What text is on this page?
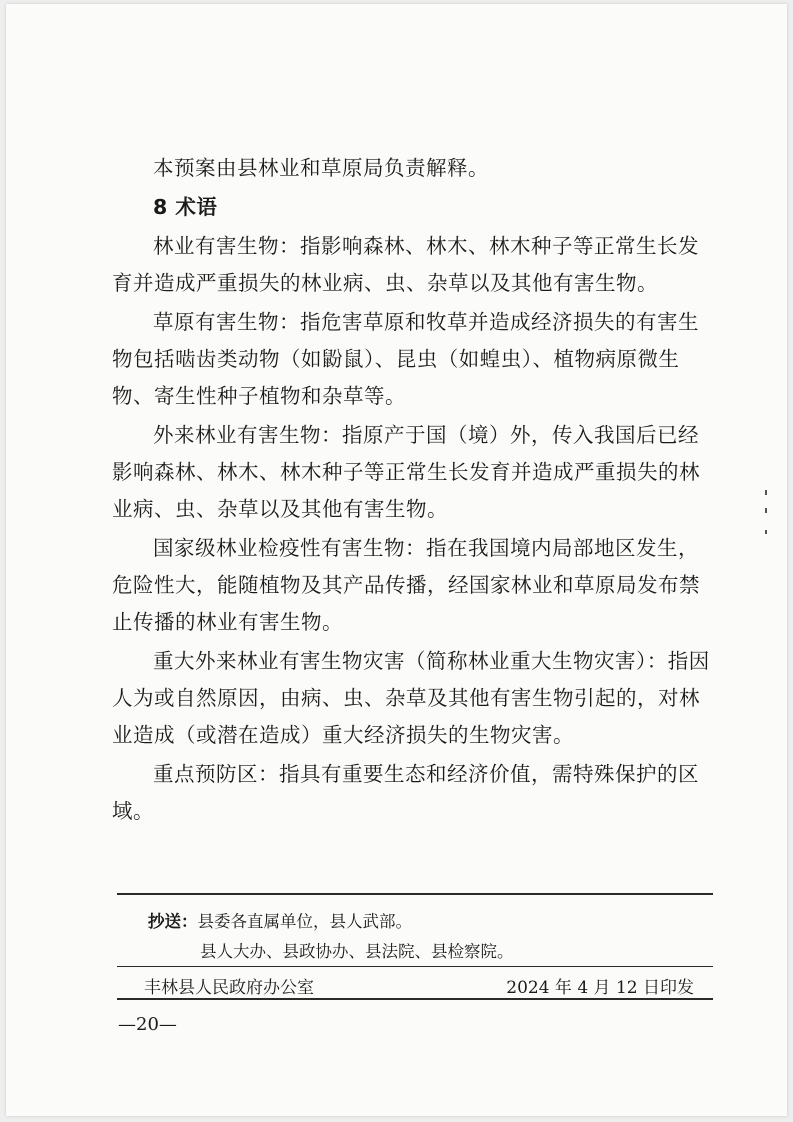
本预案由县林业和草原局负责解释。

8 术语

林业有害生物：指影响森林、林木、林木种子等正常生长发育并造成严重损失的林业病、虫、杂草以及其他有害生物。

草原有害生物：指危害草原和牧草并造成经济损失的有害生物包括啮齿类动物（如鼢鼠）、昆虫（如蝗虫）、植物病原微生物、寄生性种子植物和杂草等。

外来林业有害生物：指原产于国（境）外，传入我国后已经影响森林、林木、林木种子等正常生长发育并造成严重损失的林业病、虫、杂草以及其他有害生物。

国家级林业检疫性有害生物：指在我国境内局部地区发生，危险性大，能随植物及其产品传播，经国家林业和草原局发布禁止传播的林业有害生物。

重大外来林业有害生物灾害（简称林业重大生物灾害）：指因人为或自然原因，由病、虫、杂草及其他有害生物引起的，对林业造成（或潜在造成）重大经济损失的生物灾害。

重点预防区：指具有重要生态和经济价值，需特殊保护的区域。

抄送：县委各直属单位，县人武部。
县人大办、县政协办、县法院、县检察院。
丰林县人民政府办公室	2024 年 4 月 12 日印发
—20—
